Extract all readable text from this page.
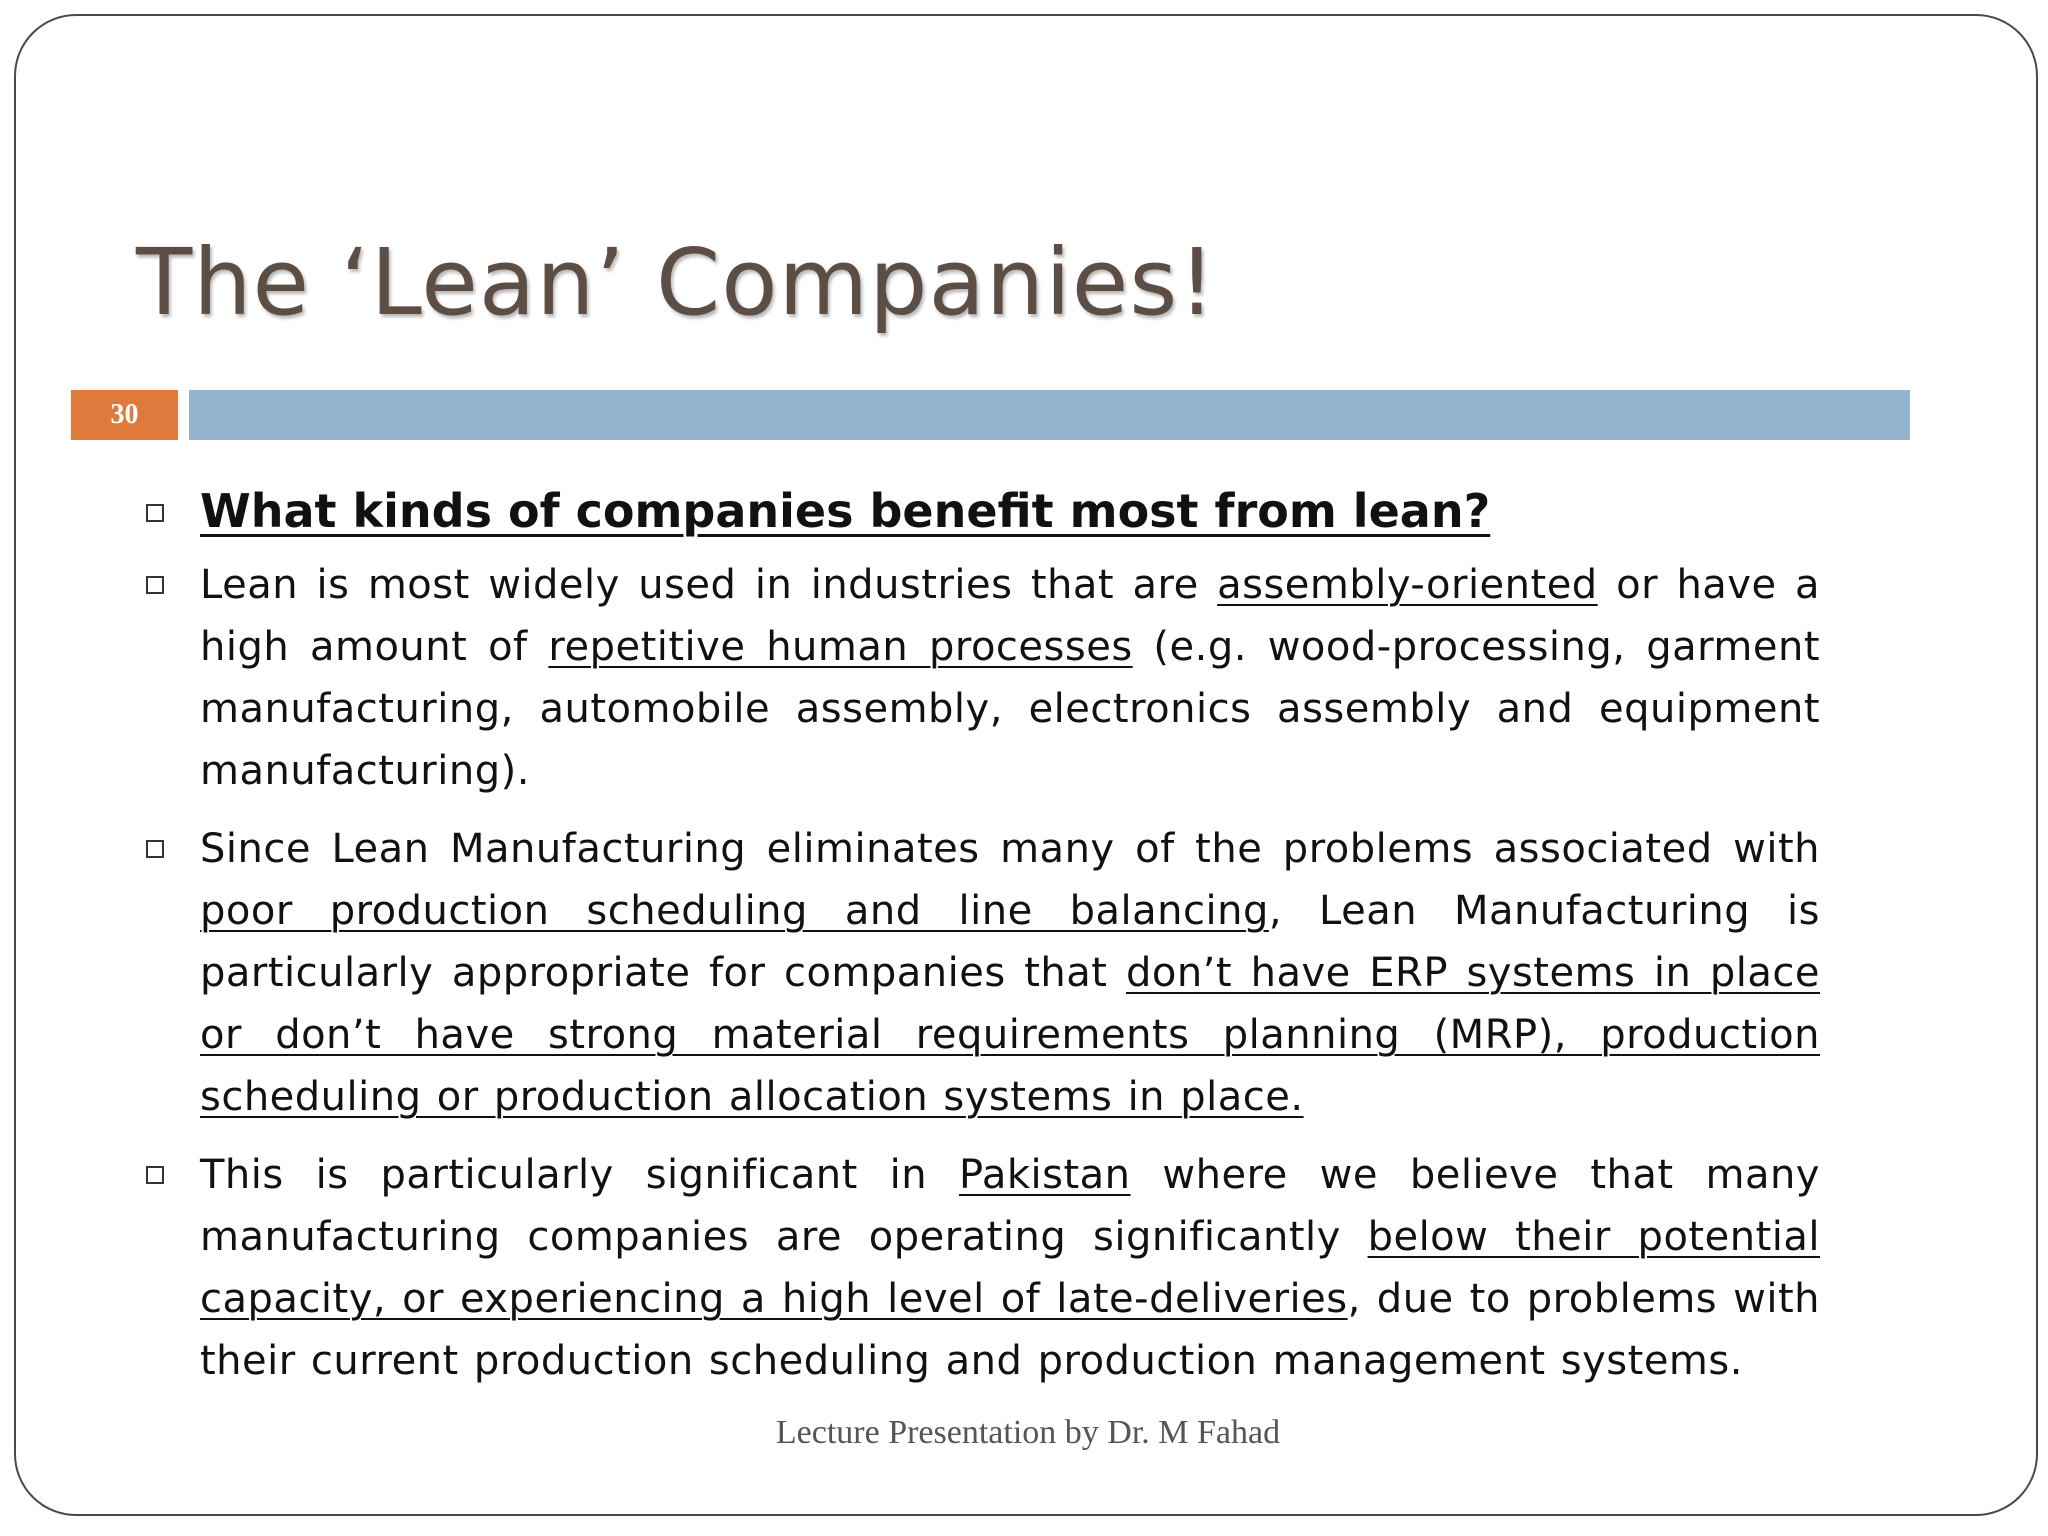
The ‘Lean’ Companies!
30
What kinds of companies benefit most from lean?
Lean is most widely used in industries that are assembly-oriented or have a high amount of repetitive human processes (e.g. wood-processing, garment manufacturing, automobile assembly, electronics assembly and equipment manufacturing).
Since Lean Manufacturing eliminates many of the problems associated with poor production scheduling and line balancing, Lean Manufacturing is particularly appropriate for companies that don’t have ERP systems in place or don’t have strong material requirements planning (MRP), production scheduling or production allocation systems in place.
This is particularly significant in Pakistan where we believe that many manufacturing companies are operating significantly below their potential capacity, or experiencing a high level of late-deliveries, due to problems with their current production scheduling and production management systems.
Lecture Presentation by Dr. M Fahad
